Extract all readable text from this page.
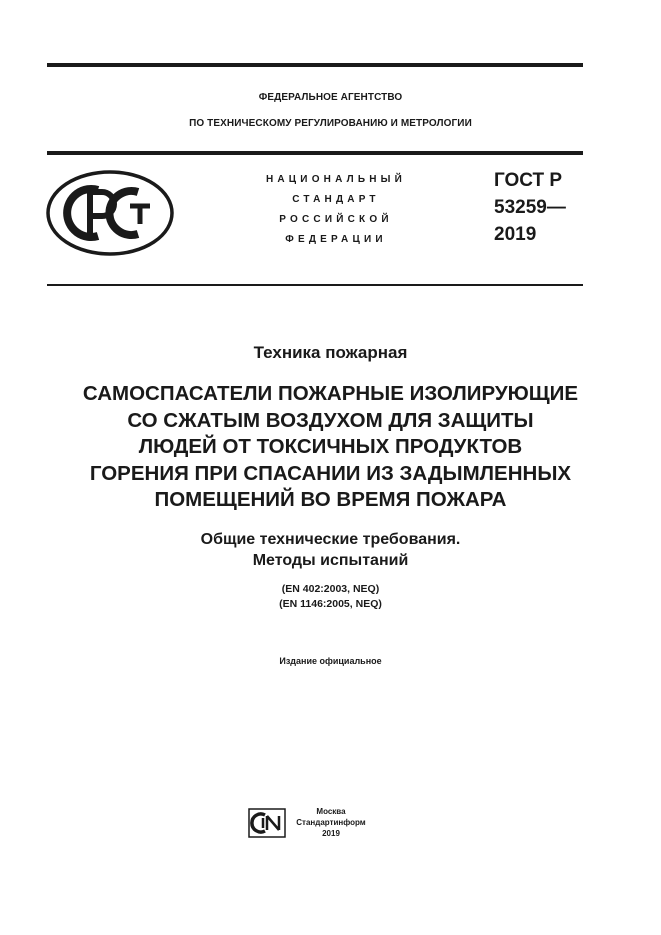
ФЕДЕРАЛЬНОЕ АГЕНТСТВО
ПО ТЕХНИЧЕСКОМУ РЕГУЛИРОВАНИЮ И МЕТРОЛОГИИ
НАЦИОНАЛЬНЫЙ
СТАНДАРТ
РОССИЙСКОЙ
ФЕДЕРАЦИИ
ГОСТ Р
53259—
2019
Техника пожарная
САМОСПАСАТЕЛИ ПОЖАРНЫЕ ИЗОЛИРУЮЩИЕ
СО СЖАТЫМ ВОЗДУХОМ ДЛЯ ЗАЩИТЫ
ЛЮДЕЙ ОТ ТОКСИЧНЫХ ПРОДУКТОВ
ГОРЕНИЯ ПРИ СПАСАНИИ ИЗ ЗАДЫМЛЕННЫХ
ПОМЕЩЕНИЙ ВО ВРЕМЯ ПОЖАРА
Общие технические требования.
Методы испытаний
(EN 402:2003, NEQ)
(EN 1146:2005, NEQ)
Издание официальное
Москва
Стандартинформ
2019
